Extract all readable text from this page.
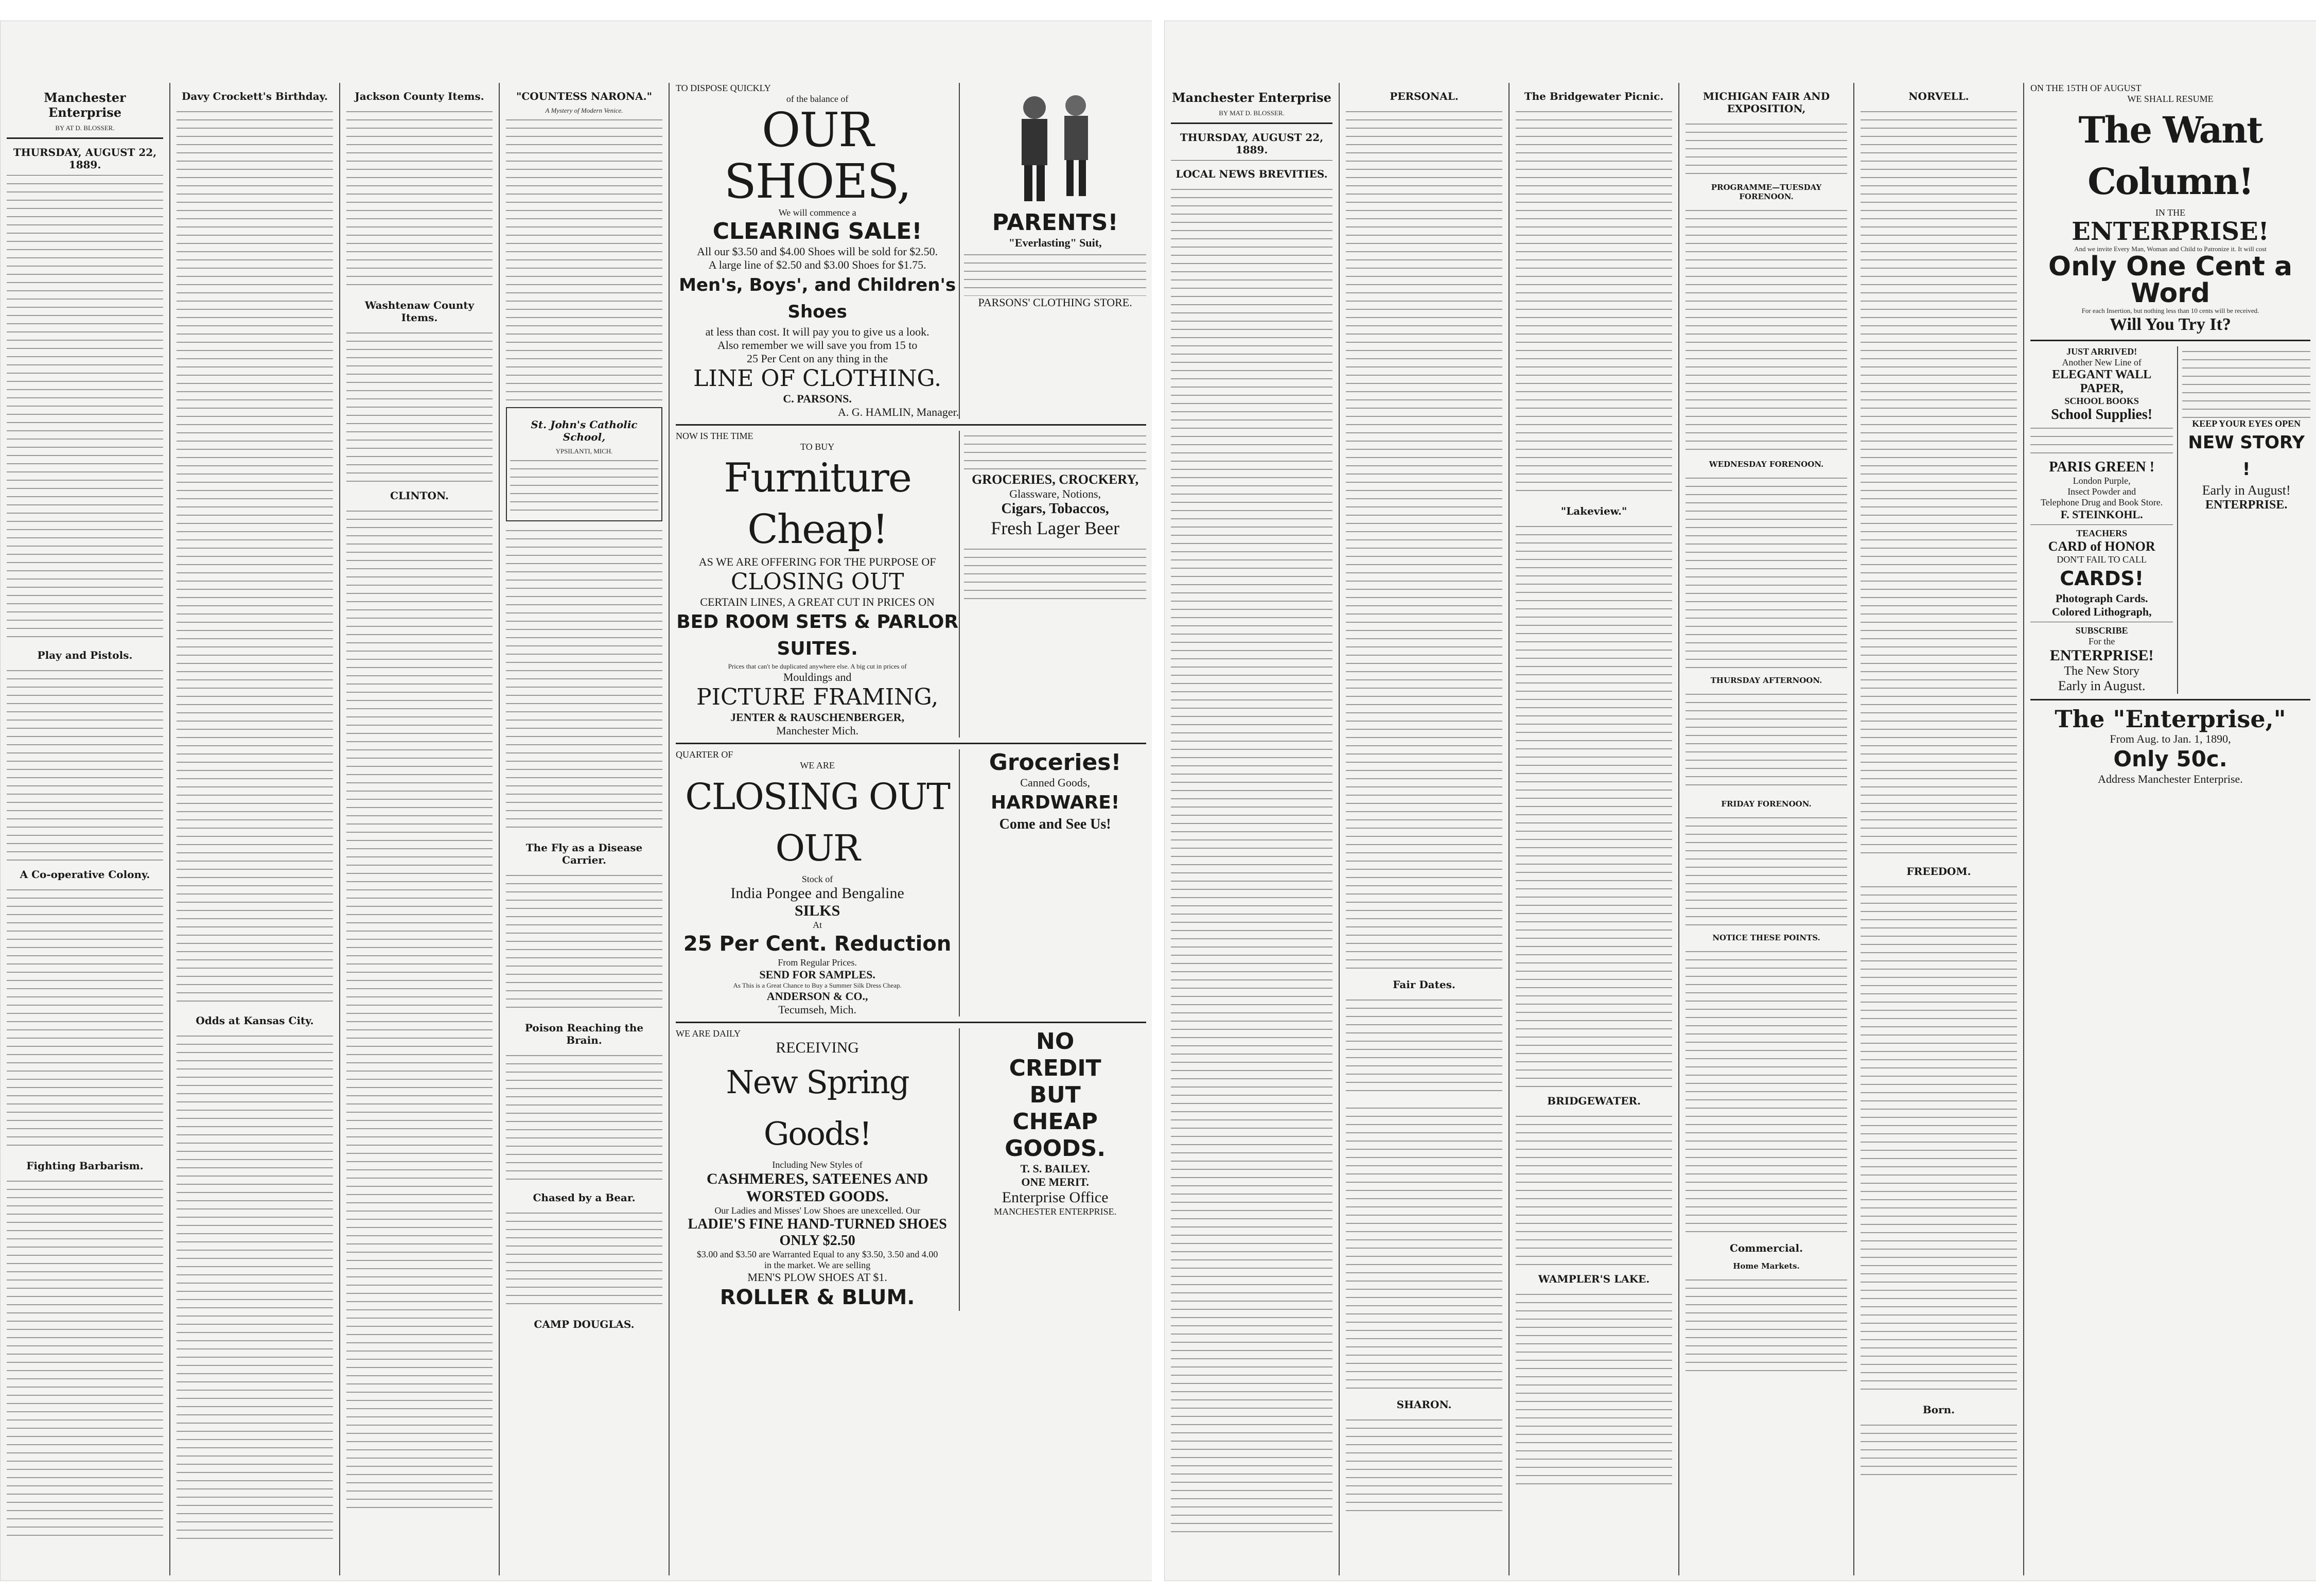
Manchester Enterprise
BY AT D. BLOSSER.
THURSDAY, AUGUST 22, 1889.
Play and Pistols.
A Co-operative Colony.
Fighting Barbarism.
Davy Crockett's Birthday.
Odds at Kansas City.
Jackson County Items.
Washtenaw County Items.
CLINTON.
"COUNTESS NARONA."
A Mystery of Modern Venice.
St. John's Catholic School,
YPSILANTI, MICH.
The Fly as a Disease Carrier.
Poison Reaching the Brain.
Chased by a Bear.
CAMP DOUGLAS.
TO DISPOSE QUICKLY
of the balance of
OUR SHOES,
We will commence a
CLEARING SALE!
All our $3.50 and $4.00 Shoes will be sold for $2.50.
A large line of $2.50 and $3.00 Shoes for $1.75.
Men's, Boys', and Children's Shoes
at less than cost. It will pay you to give us a look.
Also remember we will save you from 15 to
25 Per Cent on any thing in the
LINE OF CLOTHING.
C. PARSONS.
A. G. HAMLIN, Manager.
PARENTS!
"Everlasting" Suit,
PARSONS' CLOTHING STORE.
NOW IS THE TIME
TO BUY
Furniture Cheap!
AS WE ARE OFFERING FOR THE PURPOSE OF
CLOSING OUT
CERTAIN LINES, A GREAT CUT IN PRICES ON
BED ROOM SETS & PARLOR SUITES.
Prices that can't be duplicated anywhere else. A big cut in prices of
Mouldings and
PICTURE FRAMING,
JENTER & RAUSCHENBERGER,
Manchester Mich.
GROCERIES, CROCKERY,
Glassware, Notions,
Cigars, Tobaccos,
Fresh Lager Beer
QUARTER OF
WE ARE
CLOSING OUT OUR
Stock of
India Pongee and Bengaline
SILKS
At
25 Per Cent. Reduction
From Regular Prices.
SEND FOR SAMPLES.
As This is a Great Chance to Buy a Summer Silk Dress Cheap.
ANDERSON & CO.,
Tecumseh, Mich.
Groceries!
Canned Goods,
HARDWARE!
Come and See Us!
WE ARE DAILY
RECEIVING
New Spring Goods!
Including New Styles of
CASHMERES, SATEENES AND
WORSTED GOODS.
Our Ladies and Misses' Low Shoes are unexcelled. Our
LADIE'S FINE HAND-TURNED SHOES ONLY $2.50
$3.00 and $3.50 are Warranted Equal to any $3.50, 3.50 and 4.00
in the market. We are selling
MEN'S PLOW SHOES AT $1.
ROLLER & BLUM.
NO
CREDIT
BUT
CHEAP
GOODS.
T. S. BAILEY.
ONE MERIT.
Enterprise Office
MANCHESTER ENTERPRISE.
Manchester Enterprise
BY MAT D. BLOSSER.
THURSDAY, AUGUST 22, 1889.
LOCAL NEWS BREVITIES.
PERSONAL.
Fair Dates.
SHARON.
The Bridgewater Picnic.
"Lakeview."
BRIDGEWATER.
WAMPLER'S LAKE.
MICHIGAN FAIR AND EXPOSITION,
PROGRAMME—TUESDAY FORENOON.
WEDNESDAY FORENOON.
THURSDAY AFTERNOON.
FRIDAY FORENOON.
NOTICE THESE POINTS.
Commercial.
Home Markets.
NORVELL.
FREEDOM.
Born.
ON THE 15TH OF AUGUST
WE SHALL RESUME
The Want Column!
IN THE
ENTERPRISE!
And we invite Every Man, Woman and Child to Patronize it. It will cost
Only One Cent a Word
For each Insertion, but nothing less than 10 cents will be received.
Will You Try It?
JUST ARRIVED!
Another New Line of
ELEGANT WALL PAPER,
SCHOOL BOOKS
School Supplies!
PARIS GREEN !
London Purple,
Insect Powder and
Telephone Drug and Book Store.
F. STEINKOHL.
TEACHERS
CARD of HONOR
DON'T FAIL TO CALL
CARDS!
Photograph Cards.
Colored Lithograph,
SUBSCRIBE
For the
ENTERPRISE!
The New Story
Early in August.
KEEP YOUR EYES OPEN
NEW STORY !
Early in August!
ENTERPRISE.
The "Enterprise,"
From Aug. to Jan. 1, 1890,
Only 50c.
Address Manchester Enterprise.
